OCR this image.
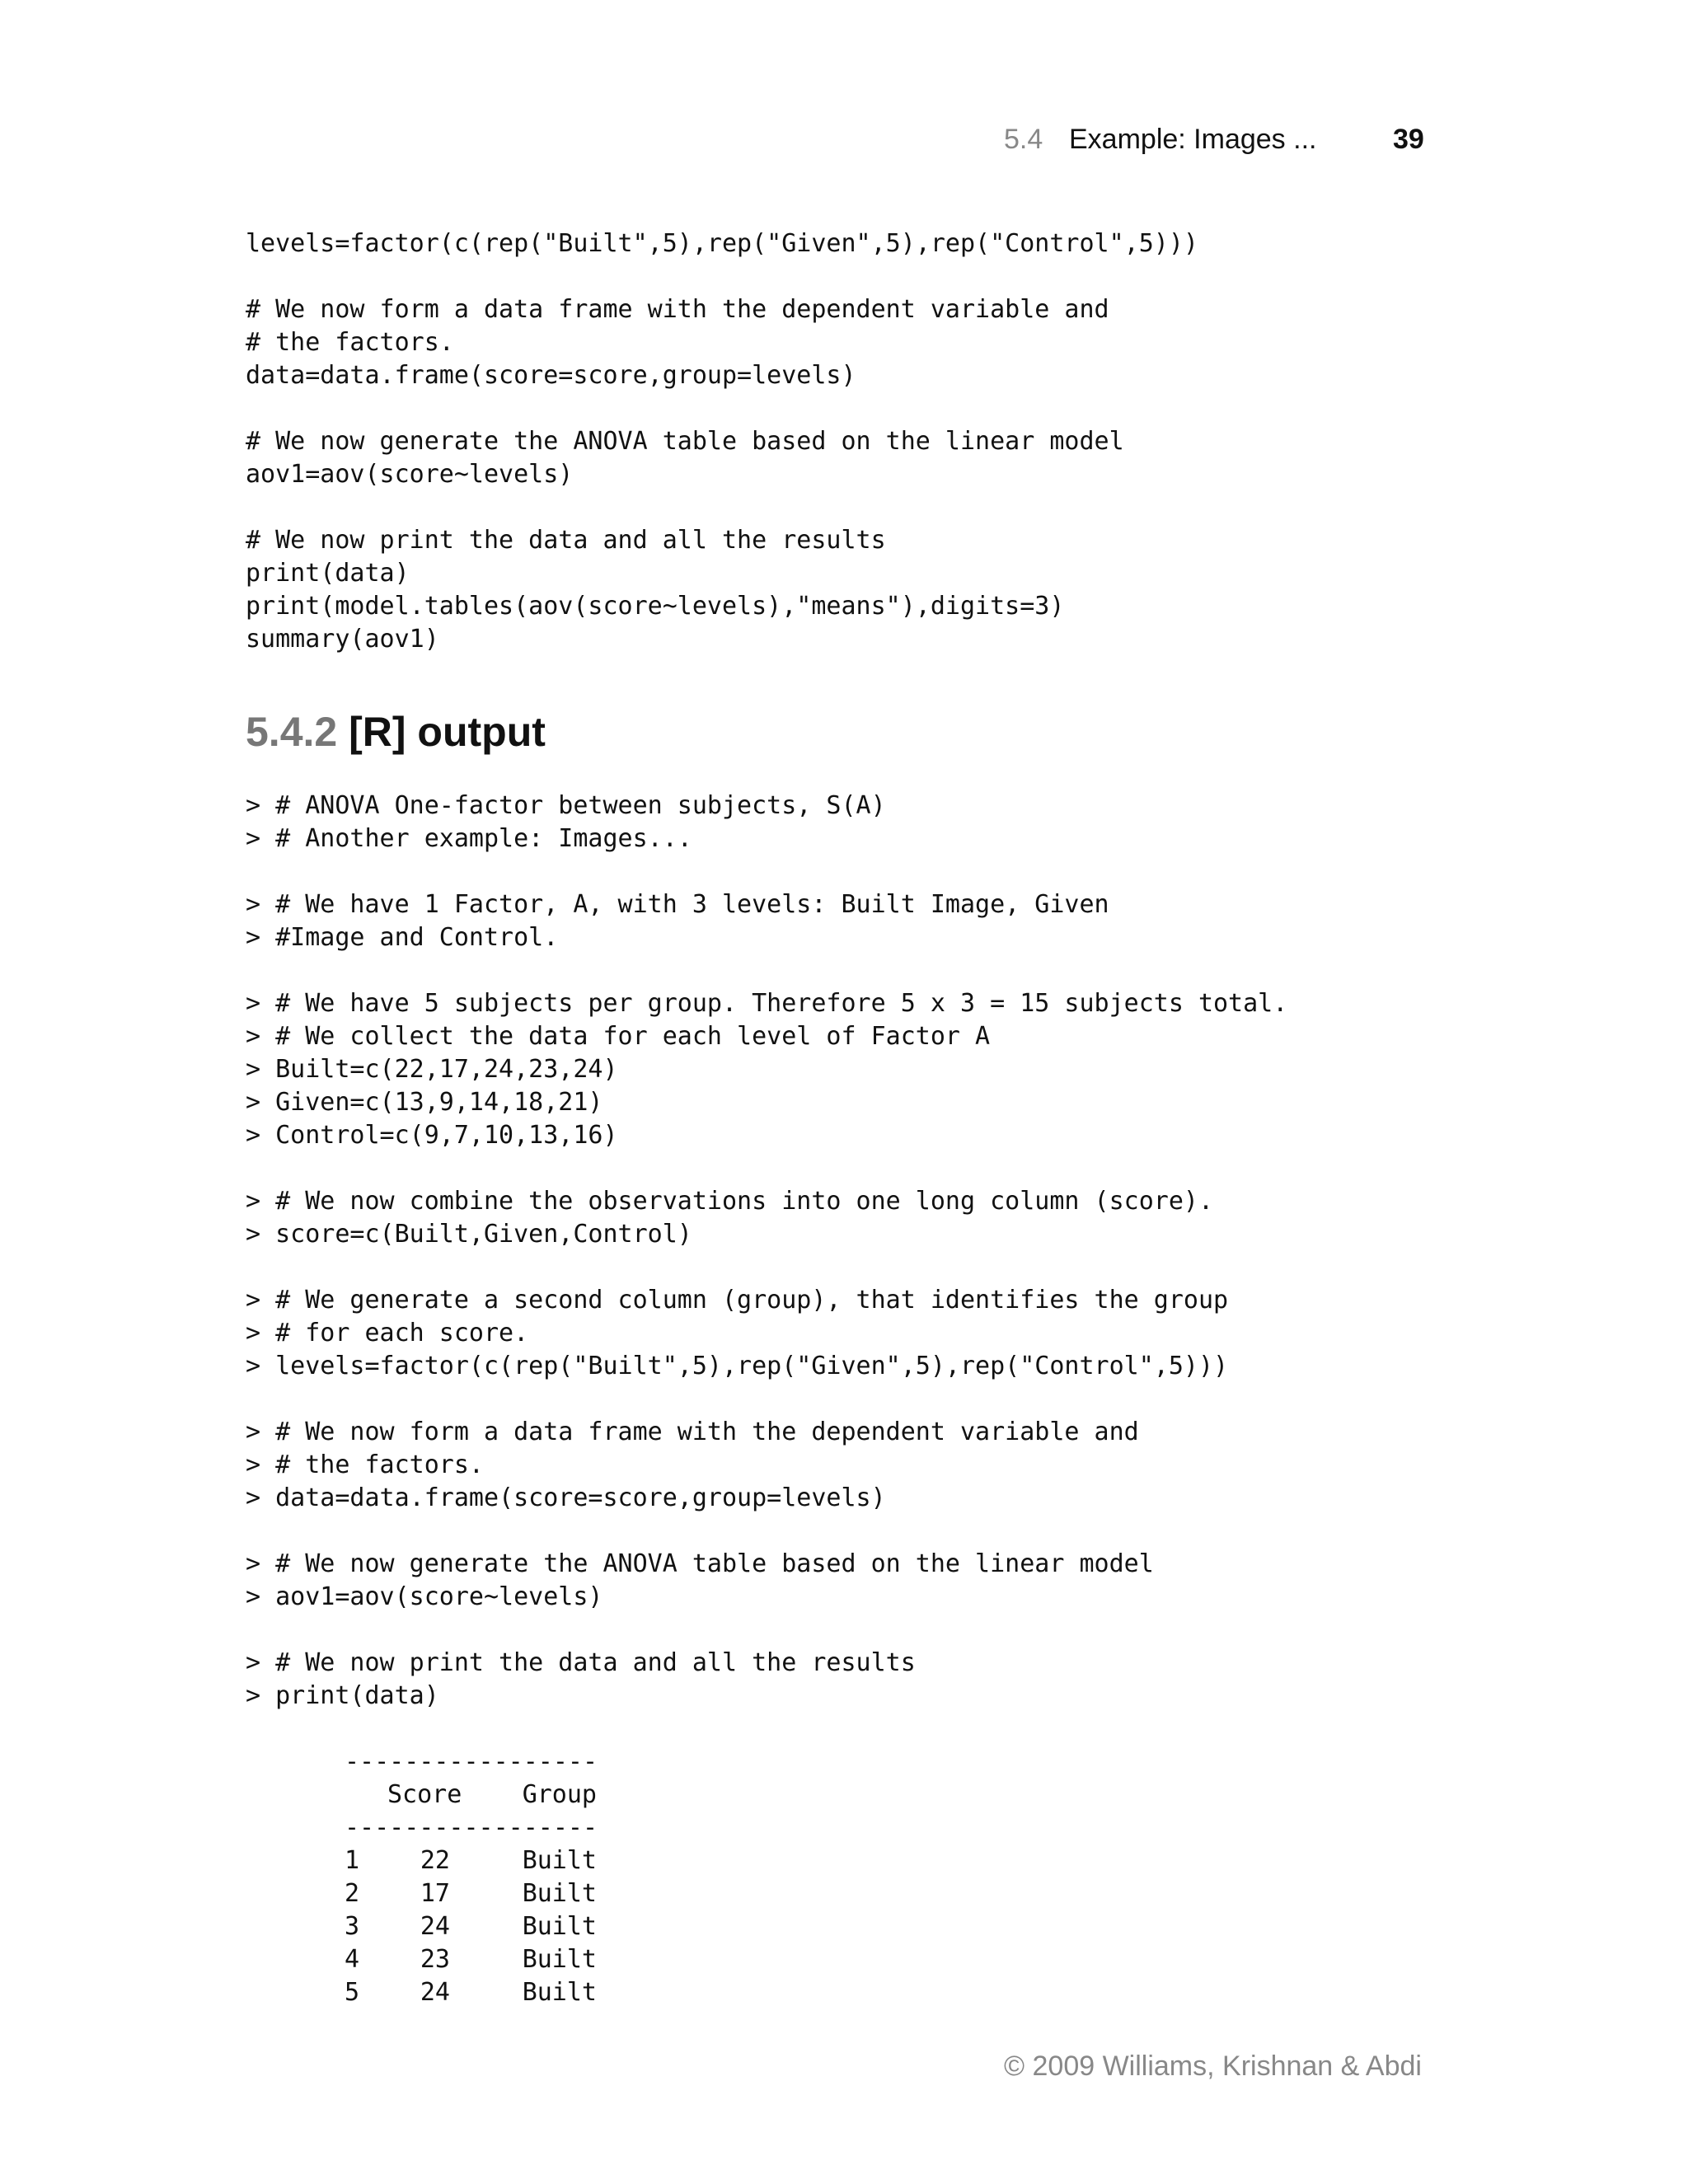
5.4 Example: Images ...	39
levels=factor(c(rep("Built",5),rep("Given",5),rep("Control",5)))

# We now form a data frame with the dependent variable and
# the factors.
data=data.frame(score=score,group=levels)

# We now generate the ANOVA table based on the linear model
aov1=aov(score~levels)

# We now print the data and all the results
print(data)
print(model.tables(aov(score~levels),"means"),digits=3)
summary(aov1)
5.4.2 [R] output
> # ANOVA One-factor between subjects, S(A)
> # Another example: Images...

> # We have 1 Factor, A, with 3 levels: Built Image, Given
> #Image and Control.

> # We have 5 subjects per group. Therefore 5 x 3 = 15 subjects total.
> # We collect the data for each level of Factor A
> Built=c(22,17,24,23,24)
> Given=c(13,9,14,18,21)
> Control=c(9,7,10,13,16)

> # We now combine the observations into one long column (score).
> score=c(Built,Given,Control)

> # We generate a second column (group), that identifies the group
> # for each score.
> levels=factor(c(rep("Built",5),rep("Given",5),rep("Control",5)))

> # We now form a data frame with the dependent variable and
> # the factors.
> data=data.frame(score=score,group=levels)

> # We now generate the ANOVA table based on the linear model
> aov1=aov(score~levels)

> # We now print the data and all the results
> print(data)
-----------------
Score	Group
-----------------
1	22	Built
2	17	Built
3	24	Built
4	23	Built
5	24	Built
© 2009 Williams, Krishnan & Abdi
